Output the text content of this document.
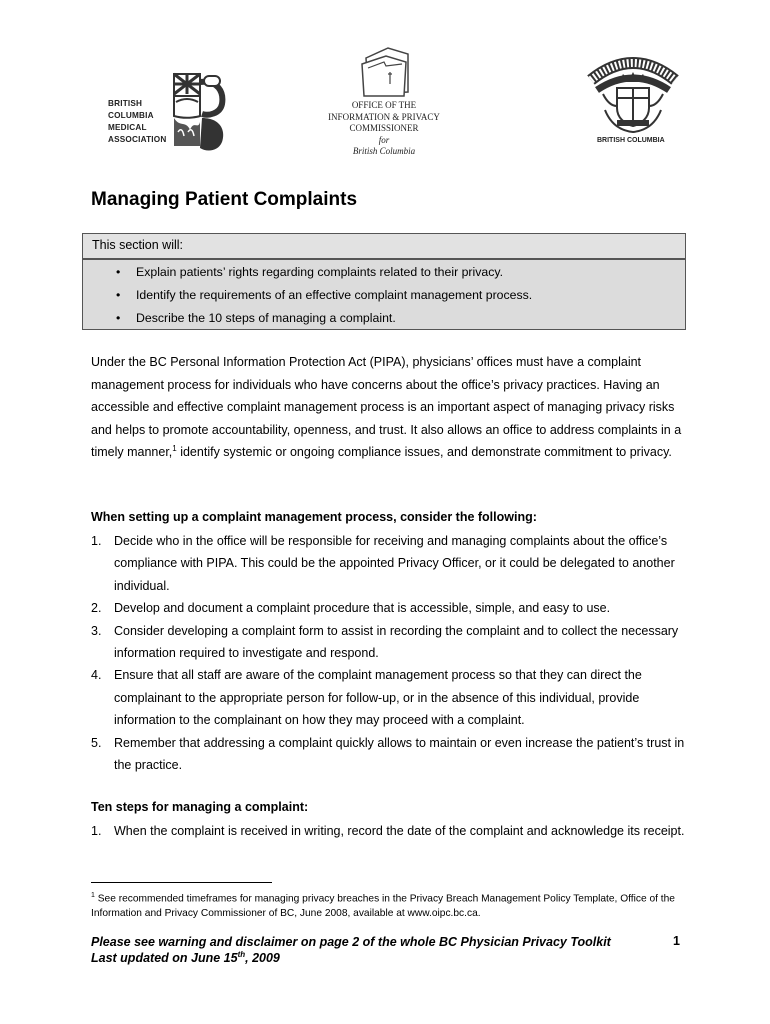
BRITISH
COLUMBIA
MEDICAL
ASSOCIATION
OFFICE OF THE
INFORMATION & PRIVACY
COMMISSIONER
for
British Columbia
BRITISH COLUMBIA
Managing Patient Complaints
This section will:
• Explain patients’ rights regarding complaints related to their privacy.
• Identify the requirements of an effective complaint management process.
• Describe the 10 steps of managing a complaint.

Under the BC Personal Information Protection Act (PIPA), physicians’ offices must have a complaint management process for individuals who have concerns about the office’s privacy practices. Having an accessible and effective complaint management process is an important aspect of managing privacy risks and helps to promote accountability, openness, and trust. It also allows an office to address complaints in a timely manner,$^1$ identify systemic or ongoing compliance issues, and demonstrate commitment to privacy.

When setting up a complaint management process, consider the following:

1. Decide who in the office will be responsible for receiving and managing complaints about the office’s compliance with PIPA. This could be the appointed Privacy Officer, or it could be delegated to another individual.
2. Develop and document a complaint procedure that is accessible, simple, and easy to use.
3. Consider developing a complaint form to assist in recording the complaint and to collect the necessary information required to investigate and respond.
4. Ensure that all staff are aware of the complaint management process so that they can direct the complainant to the appropriate person for follow-up, or in the absence of this individual, provide information to the complainant on how they may proceed with a complaint.
5. Remember that addressing a complaint quickly allows to maintain or even increase the patient’s trust in the practice.

Ten steps for managing a complaint:

1. When the complaint is received in writing, record the date of the complaint and acknowledge its receipt.

$^1$ See recommended timeframes for managing privacy breaches in the Privacy Breach Management Policy Template, Office of the Information and Privacy Commissioner of BC, June 2008, available at www.oipc.bc.ca.

Please see warning and disclaimer on page 2 of the whole BC Physician Privacy Toolkit
Last updated on June 15th, 2009
1
